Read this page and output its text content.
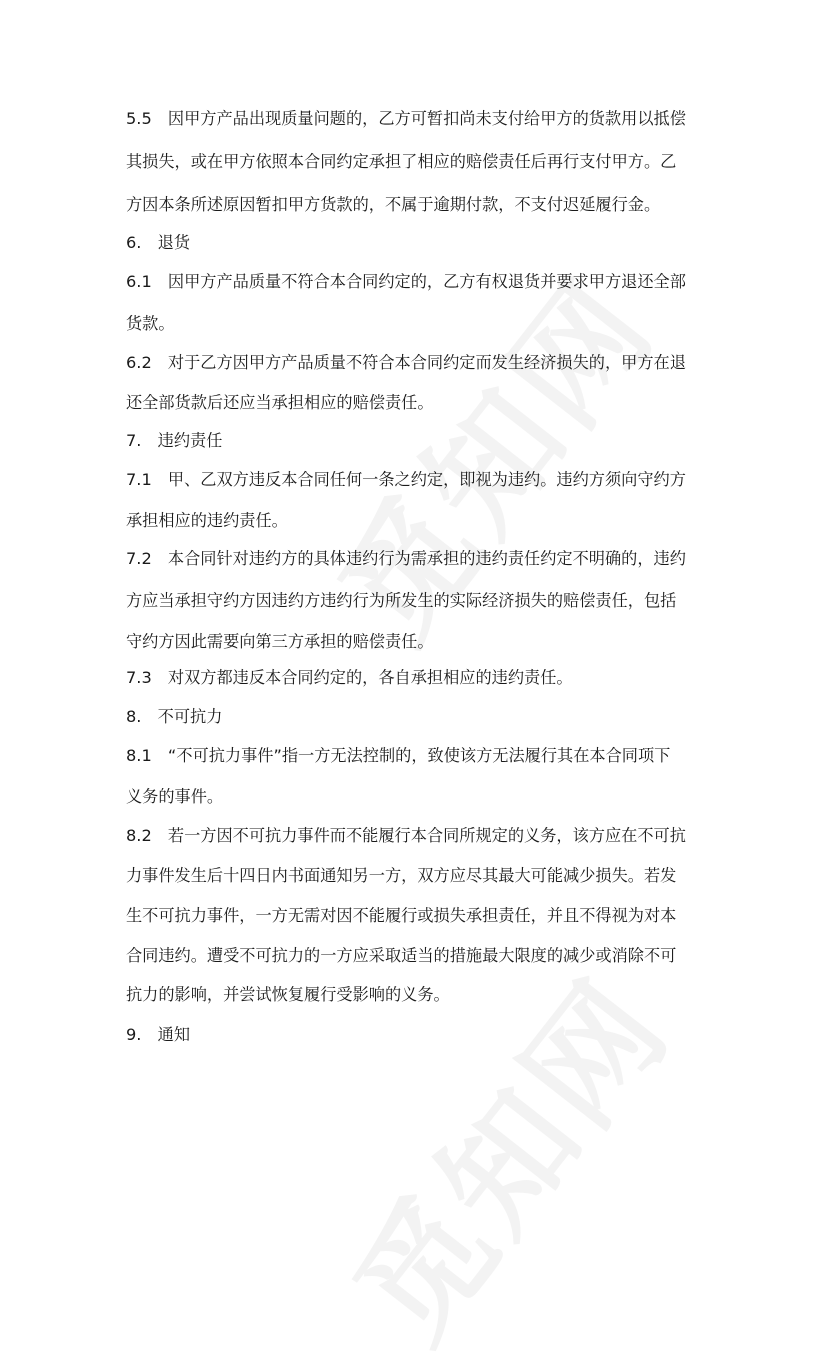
5.5　因甲方产品出现质量问题的，乙方可暂扣尚未支付给甲方的货款用以抵偿
其损失，或在甲方依照本合同约定承担了相应的赔偿责任后再行支付甲方。乙
方因本条所述原因暂扣甲方货款的，不属于逾期付款，不支付迟延履行金。
6.　退货
6.1　因甲方产品质量不符合本合同约定的，乙方有权退货并要求甲方退还全部
货款。
6.2　对于乙方因甲方产品质量不符合本合同约定而发生经济损失的，甲方在退
还全部货款后还应当承担相应的赔偿责任。
7.　违约责任
7.1　甲、乙双方违反本合同任何一条之约定，即视为违约。违约方须向守约方
承担相应的违约责任。
7.2　本合同针对违约方的具体违约行为需承担的违约责任约定不明确的，违约
方应当承担守约方因违约方违约行为所发生的实际经济损失的赔偿责任，包括
守约方因此需要向第三方承担的赔偿责任。
7.3　对双方都违反本合同约定的，各自承担相应的违约责任。
8.　不可抗力
8.1　“不可抗力事件”指一方无法控制的，致使该方无法履行其在本合同项下
义务的事件。
8.2　若一方因不可抗力事件而不能履行本合同所规定的义务，该方应在不可抗
力事件发生后十四日内书面通知另一方，双方应尽其最大可能减少损失。若发
生不可抗力事件，一方无需对因不能履行或损失承担责任，并且不得视为对本
合同违约。遭受不可抗力的一方应采取适当的措施最大限度的减少或消除不可
抗力的影响，并尝试恢复履行受影响的义务。
9.　通知
